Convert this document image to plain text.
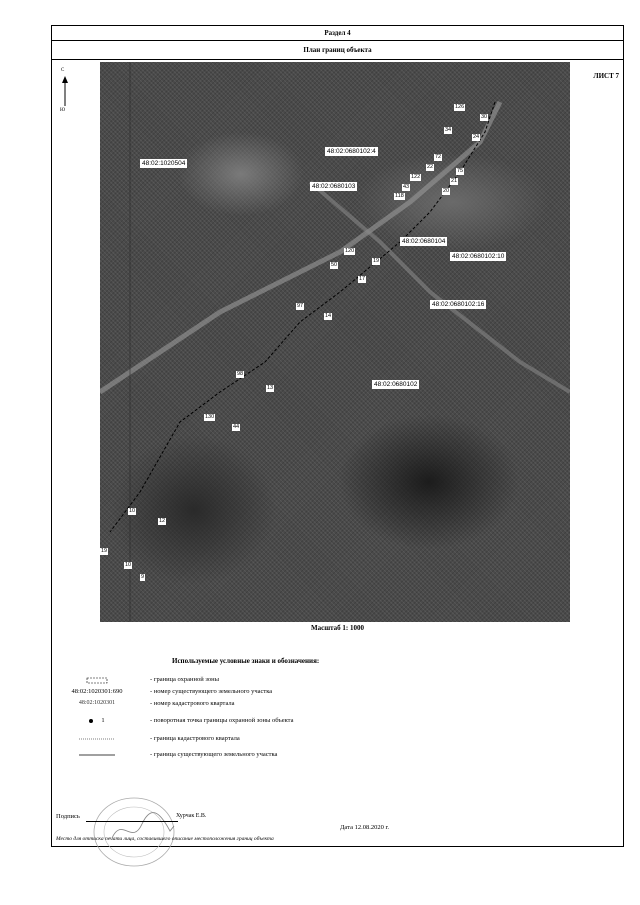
Раздел 4
План границ объекта
С
Ю
ЛИСТ 7
48:02:0680102:4
48:02:1020504
48:02:0680103
48:02:0680104
48:02:0680102:10
48:02:0680102:16
48:02:0680102
126
30
34
24
72
22
75
21
20
122
43
118
120
19
50
17
97
14
98
13
130
44
10
12
19
10
9
Масштаб 1: 1000
Используемые условные знаки и обозначения:
- граница охранной зоны
48:02:1020301:690	- номер существующего земельного участка
48:02:1020301	- номер кадастрового квартала
1	- поворотная точка границы охранной зоны объекта
- граница кадастрового квартала
- граница существующего земельного участка
Подпись	Хурчак Е.В.
Дата 12.08.2020 г.
Место для оттиска печати лица, составившего описание местоположения границ объекта
